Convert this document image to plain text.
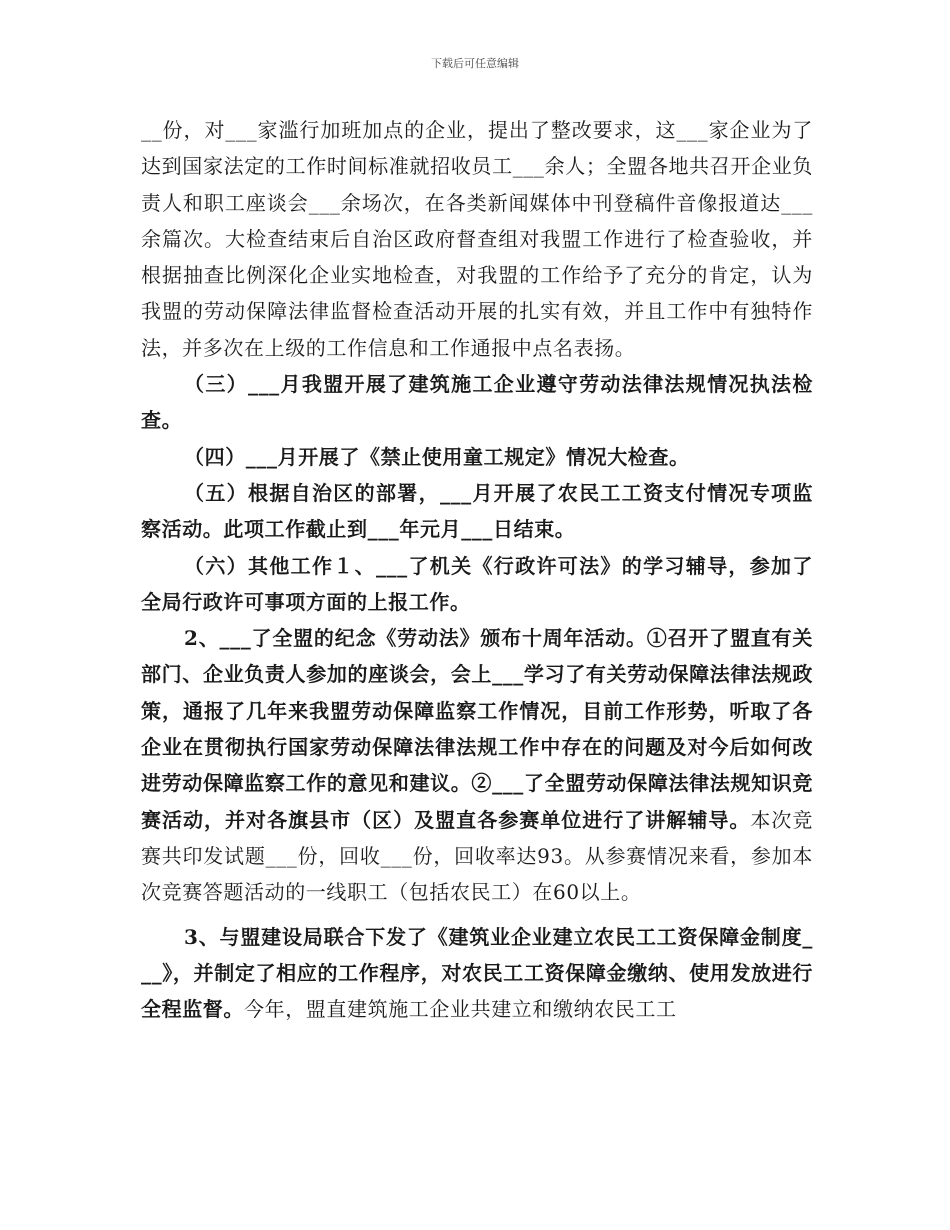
下载后可任意编辑

__份，对___家滥行加班加点的企业，提出了整改要求，这___家企业为了达到国家法定的工作时间标准就招收员工___余人；全盟各地共召开企业负责人和职工座谈会___余场次，在各类新闻媒体中刊登稿件音像报道达___余篇次。大检查结束后自治区政府督查组对我盟工作进行了检查验收，并根据抽查比例深化企业实地检查，对我盟的工作给予了充分的肯定，认为我盟的劳动保障法律监督检查活动开展的扎实有效，并且工作中有独特作法，并多次在上级的工作信息和工作通报中点名表扬。

（三）___月我盟开展了建筑施工企业遵守劳动法律法规情况执法检查。

（四）___月开展了《禁止使用童工规定》情况大检查。

（五）根据自治区的部署，___月开展了农民工工资支付情况专项监察活动。此项工作截止到___年元月___日结束。

（六）其他工作１、___了机关《行政许可法》的学习辅导，参加了全局行政许可事项方面的上报工作。

2、___了全盟的纪念《劳动法》颁布十周年活动。①召开了盟直有关部门、企业负责人参加的座谈会，会上___学习了有关劳动保障法律法规政策，通报了几年来我盟劳动保障监察工作情况，目前工作形势，听取了各企业在贯彻执行国家劳动保障法律法规工作中存在的问题及对今后如何改进劳动保障监察工作的意见和建议。②___了全盟劳动保障法律法规知识竞赛活动，并对各旗县市（区）及盟直各参赛单位进行了讲解辅导。本次竞赛共印发试题___份，回收___份，回收率达93。从参赛情况来看，参加本次竞赛答题活动的一线职工（包括农民工）在60以上。

3、与盟建设局联合下发了《建筑业企业建立农民工工资保障金制度___》，并制定了相应的工作程序，对农民工工资保障金缴纳、使用发放进行全程监督。今年，盟直建筑施工企业共建立和缴纳农民工工
